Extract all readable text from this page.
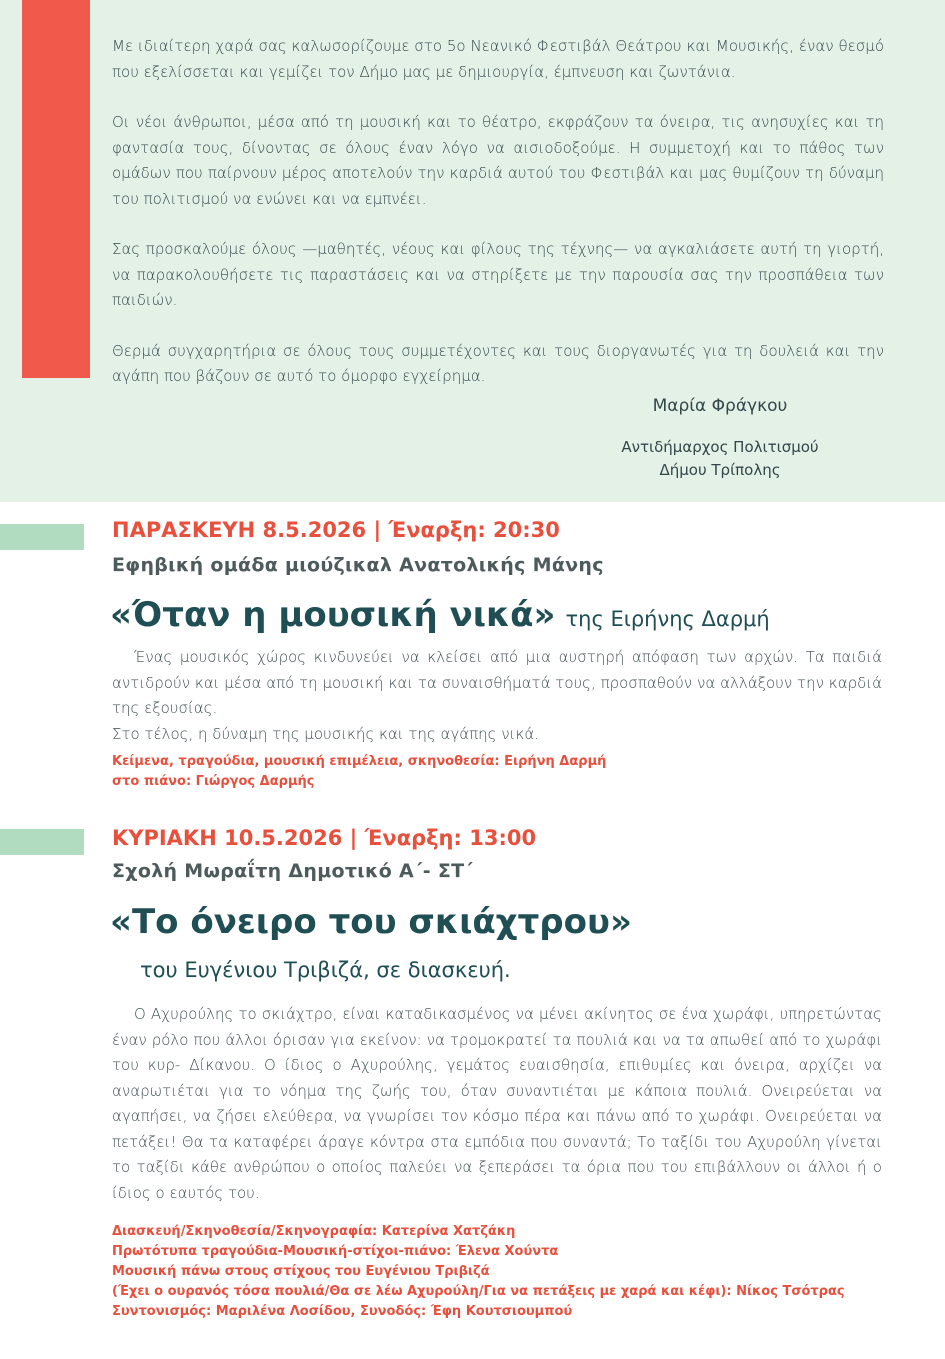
Με ιδιαίτερη χαρά σας καλωσορίζουμε στο 5ο Νεανικό Φεστιβάλ Θεάτρου και Μουσικής, έναν θεσμό που εξελίσσεται και γεμίζει τον Δήμο μας με δημιουργία, έμπνευση και ζωντάνια.

Οι νέοι άνθρωποι, μέσα από τη μουσική και το θέατρο, εκφράζουν τα όνειρα, τις ανησυχίες και τη φαντασία τους, δίνοντας σε όλους έναν λόγο να αισιοδοξούμε. Η συμμετοχή και το πάθος των ομάδων που παίρνουν μέρος αποτελούν την καρδιά αυτού του Φεστιβάλ και μας θυμίζουν τη δύναμη του πολιτισμού να ενώνει και να εμπνέει.

Σας προσκαλούμε όλους —μαθητές, νέους και φίλους της τέχνης— να αγκαλιάσετε αυτή τη γιορτή, να παρακολουθήσετε τις παραστάσεις και να στηρίξετε με την παρουσία σας την προσπάθεια των παιδιών.

Θερμά συγχαρητήρια σε όλους τους συμμετέχοντες και τους διοργανωτές για τη δουλειά και την αγάπη που βάζουν σε αυτό το όμορφο εγχείρημα.

Μαρία Φράγκου
Αντιδήμαρχος Πολιτισμού
Δήμου Τρίπολης
ΠΑΡΑΣΚΕΥΗ 8.5.2026 | Έναρξη: 20:30
Εφηβική ομάδα μιούζικαλ Ανατολικής Μάνης
«Όταν η μουσική νικά» της Ειρήνης Δαρμή

Ένας μουσικός χώρος κινδυνεύει να κλείσει από μια αυστηρή απόφαση των αρχών. Τα παιδιά αντιδρούν και μέσα από τη μουσική και τα συναισθήματά τους, προσπαθούν να αλλάξουν την καρδιά της εξουσίας.

Στο τέλος, η δύναμη της μουσικής και της αγάπης νικά.

Κείμενα, τραγούδια, μουσική επιμέλεια, σκηνοθεσία: Ειρήνη Δαρμή
στο πιάνο: Γιώργος Δαρμής
ΚΥΡΙΑΚΗ 10.5.2026 | Έναρξη: 13:00
Σχολή Μωραΐτη Δημοτικό Α΄- ΣΤ΄
«Το όνειρο του σκιάχτρου»
του Ευγένιου Τριβιζά, σε διασκευή.

Ο Αχυρούλης το σκιάχτρο, είναι καταδικασμένος να μένει ακίνητος σε ένα χωράφι, υπηρετώντας έναν ρόλο που άλλοι όρισαν για εκείνον: να τρομοκρατεί τα πουλιά και να τα απωθεί από το χωράφι του κυρ- Δίκανου. Ο ίδιος ο Αχυρούλης, γεμάτος ευαισθησία, επιθυμίες και όνειρα, αρχίζει να αναρωτιέται για το νόημα της ζωής του, όταν συναντιέται με κάποια πουλιά. Ονειρεύεται να αγαπήσει, να ζήσει ελεύθερα, να γνωρίσει τον κόσμο πέρα και πάνω από το χωράφι. Ονειρεύεται να πετάξει! Θα τα καταφέρει άραγε κόντρα στα εμπόδια που συναντά; Το ταξίδι του Αχυρούλη γίνεται το ταξίδι κάθε ανθρώπου ο οποίος παλεύει να ξεπεράσει τα όρια που του επιβάλλουν οι άλλοι ή ο ίδιος ο εαυτός του.

Διασκευή/Σκηνοθεσία/Σκηνογραφία: Κατερίνα Χατζάκη
Πρωτότυπα τραγούδια-Μουσική-στίχοι-πιάνο: Έλενα Χούντα
Μουσική πάνω στους στίχους του Ευγένιου Τριβιζά
(Έχει ο ουρανός τόσα πουλιά/Θα σε λέω Αχυρούλη/Για να πετάξεις με χαρά και κέφι): Νίκος Τσότρας
Συντονισμός: Μαριλένα Λοσίδου, Συνοδός: Έφη Κουτσιουμπού
